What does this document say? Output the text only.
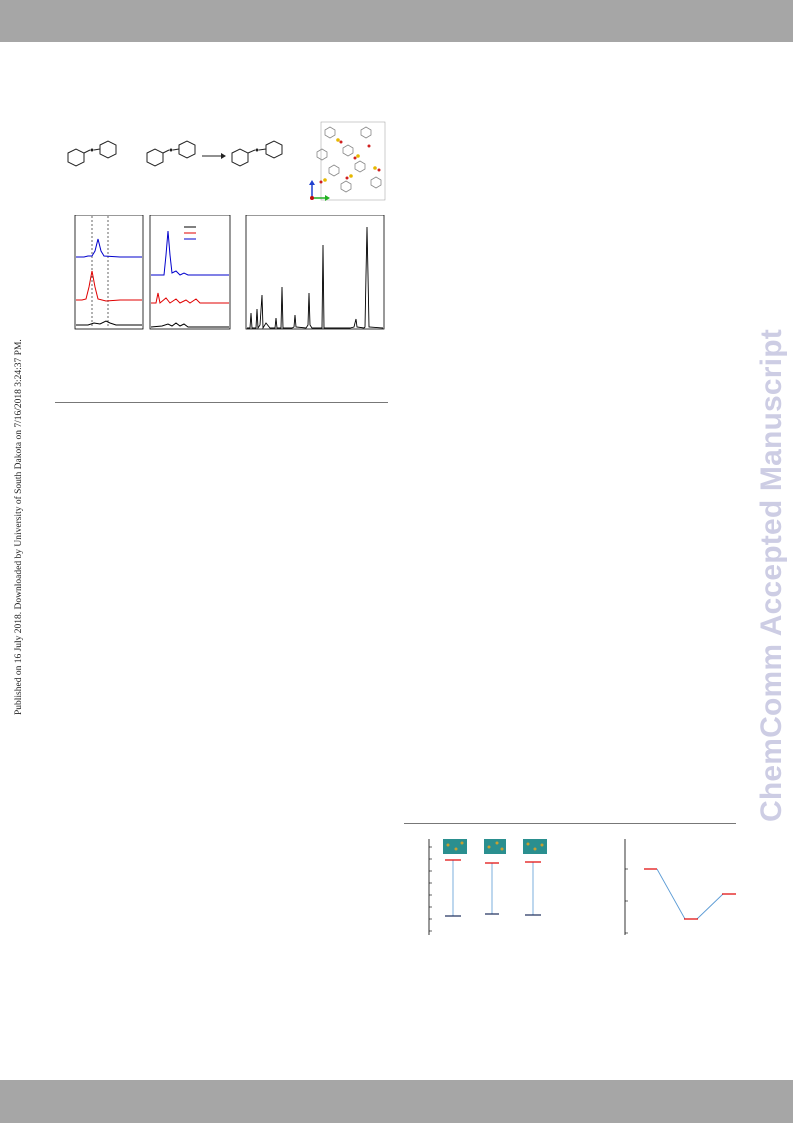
Published on 16 July 2018. Downloaded by University of South Dakota on 7/16/2018 3:24:37 PM.	ChemComm Accepted Manuscript
